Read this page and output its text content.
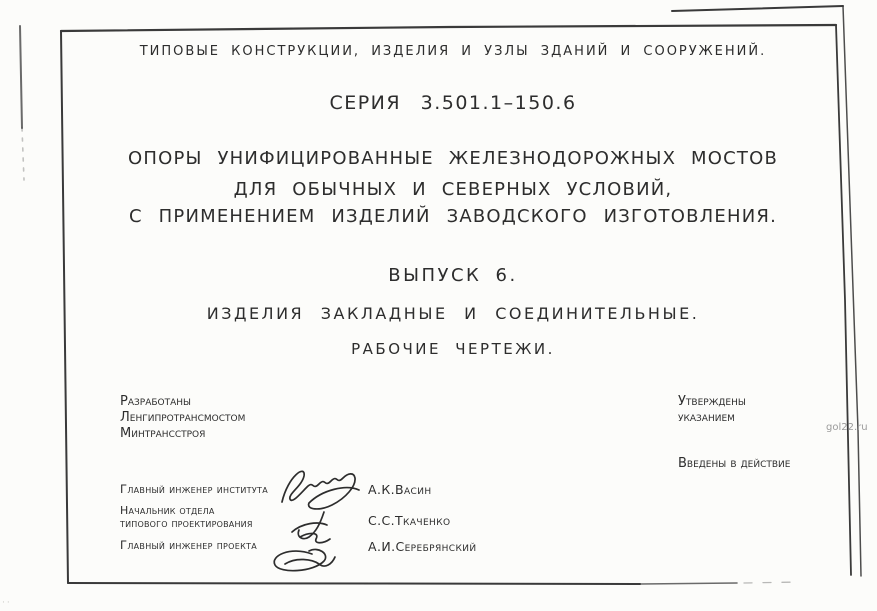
ТИПОВЫЕ КОНСТРУКЦИИ, ИЗДЕЛИЯ И УЗЛЫ ЗДАНИЙ И СООРУЖЕНИЙ.
СЕРИЯ 3.501.1–150.6
ОПОРЫ УНИФИЦИРОВАННЫЕ ЖЕЛЕЗНОДОРОЖНЫХ МОСТОВ
ДЛЯ ОБЫЧНЫХ И СЕВЕРНЫХ УСЛОВИЙ,
С ПРИМЕНЕНИЕМ ИЗДЕЛИЙ ЗАВОДСКОГО ИЗГОТОВЛЕНИЯ.
ВЫПУСК 6.
ИЗДЕЛИЯ ЗАКЛАДНЫЕ И СОЕДИНИТЕЛЬНЫЕ.
РАБОЧИЕ ЧЕРТЕЖИ.
Разработаны
Ленгипротрансмостом
Минтрансстроя
Утверждены
указанием
Введены в действие
gol22.ru
Главный инженер института	А.К.Васин
Начальник отдела
типового проектирования	С.С.Ткаченко
Главный инженер проекта	А.И.Серебрянский
··
